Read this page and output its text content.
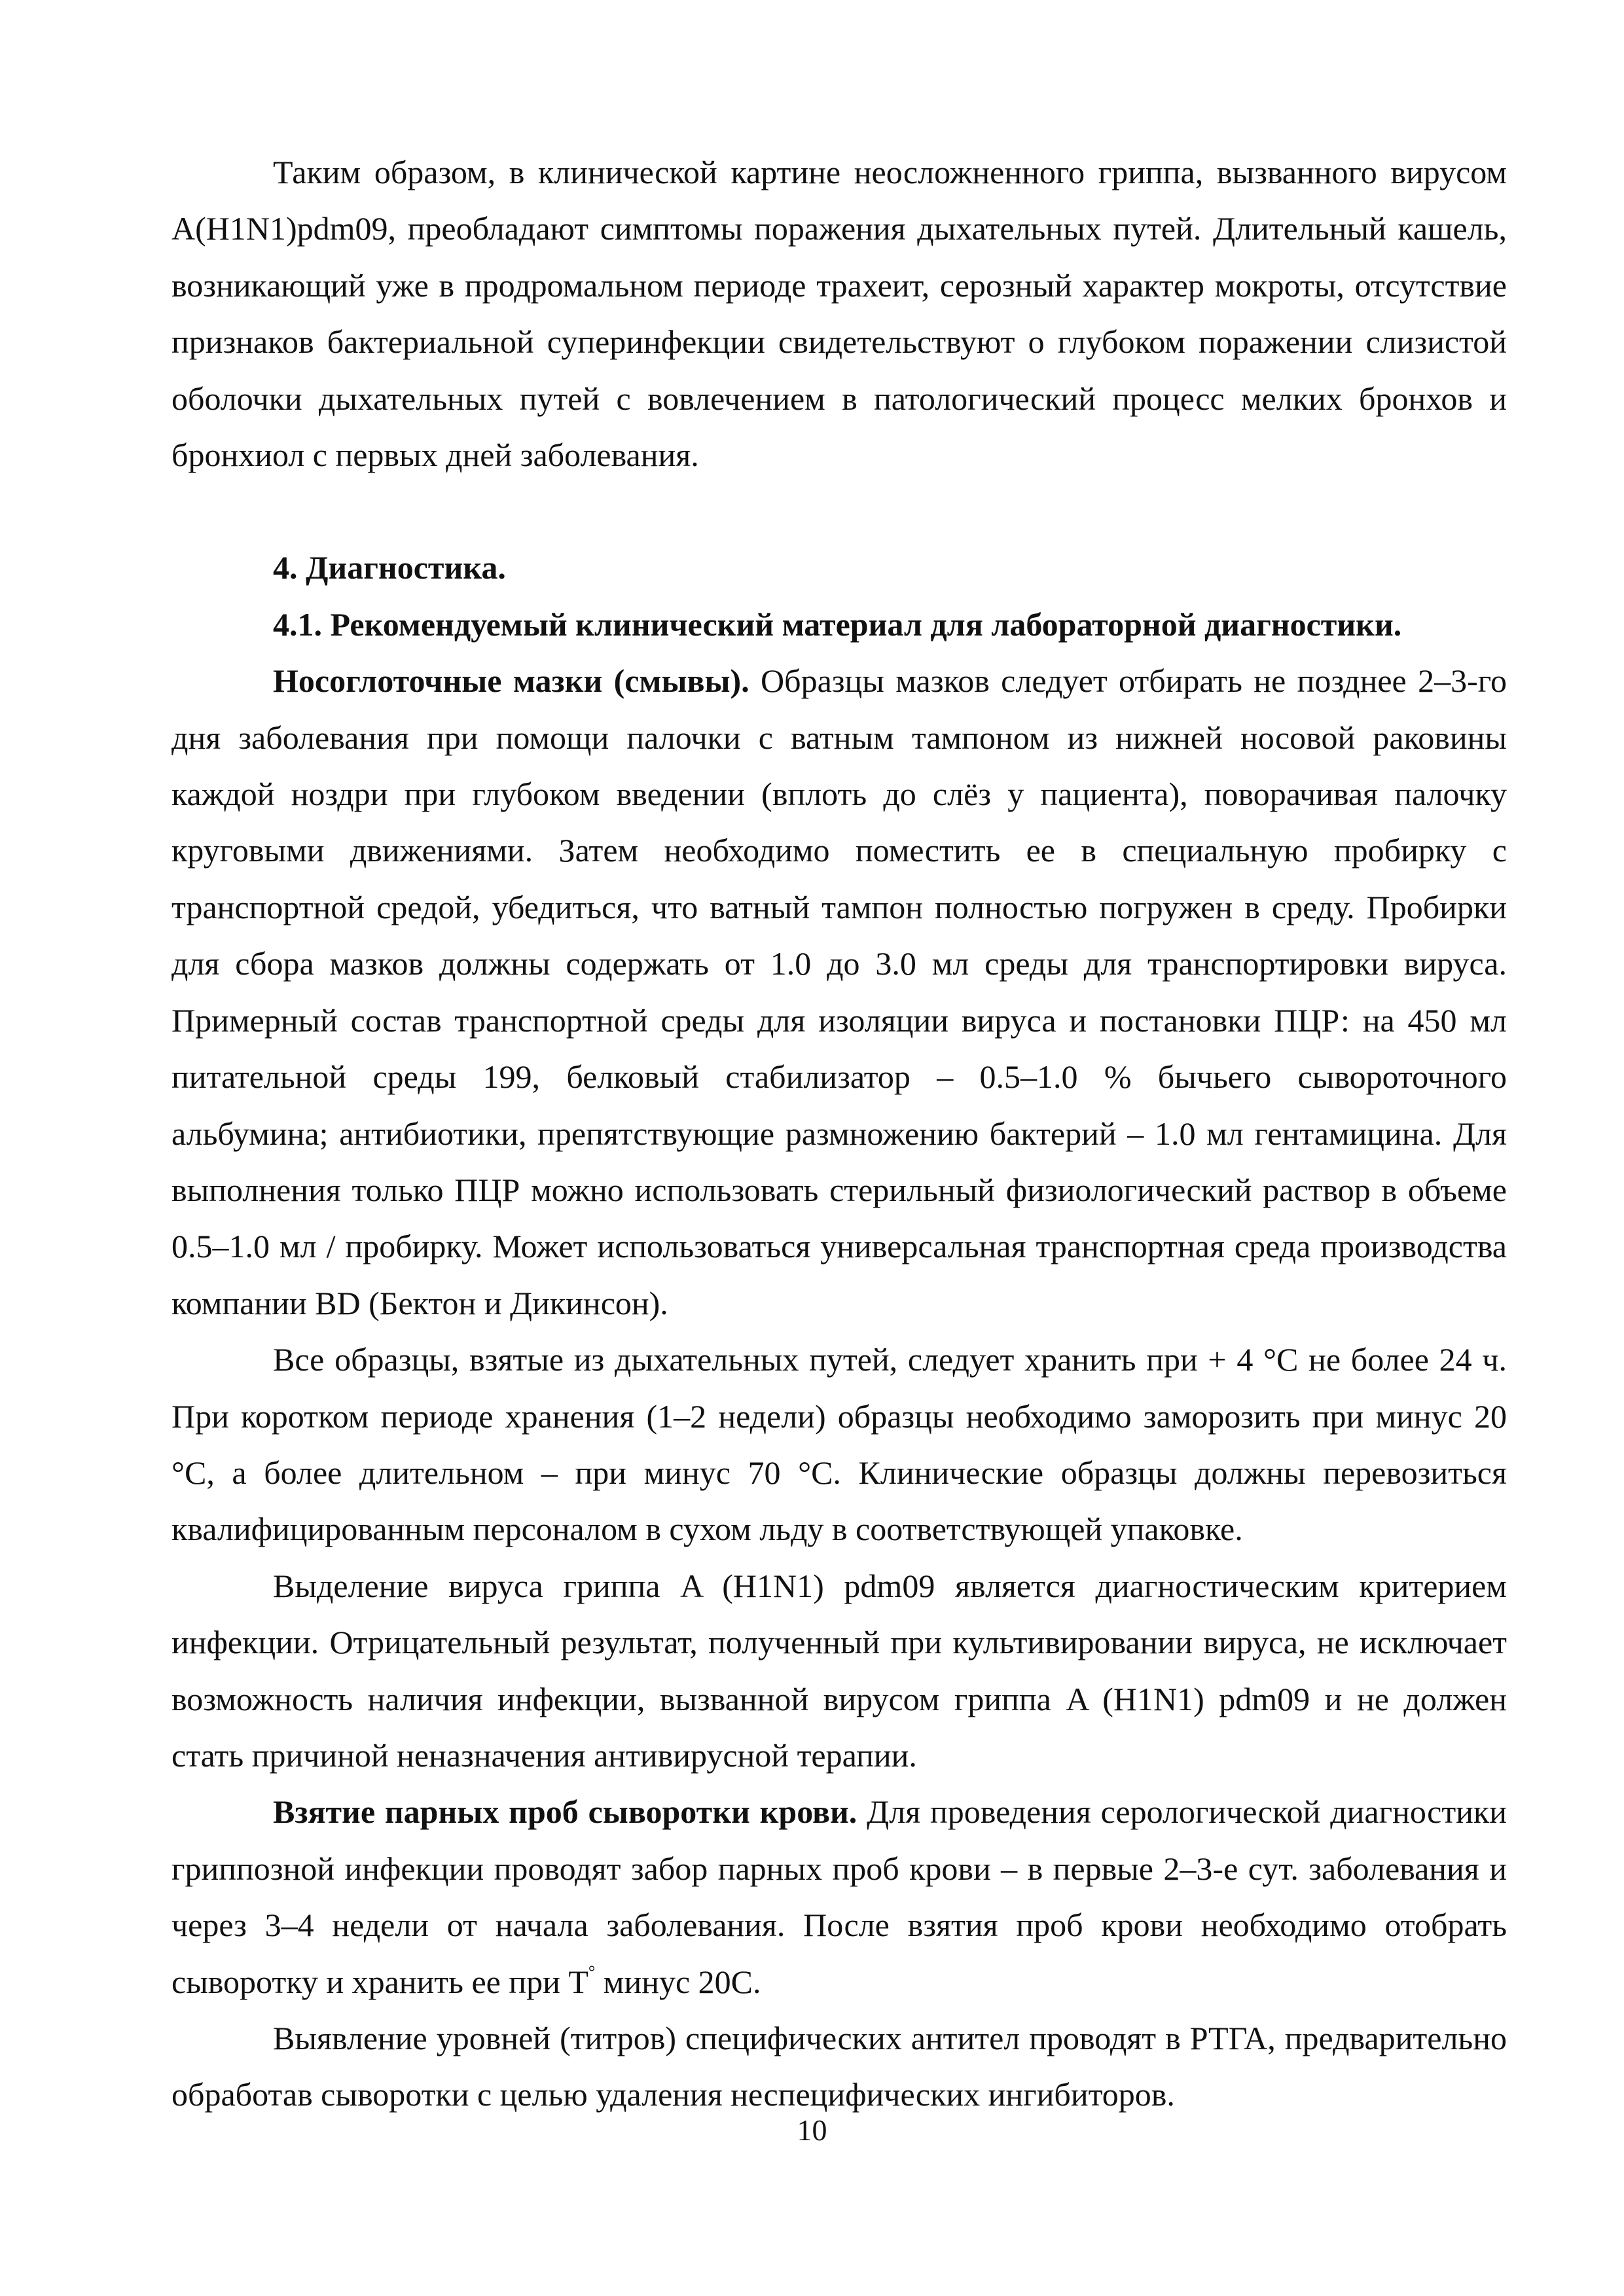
Таким образом, в клинической картине неосложненного гриппа, вызванного вирусом A(H1N1)pdm09, преобладают симптомы поражения дыхательных путей. Длительный кашель, возникающий уже в продромальном периоде трахеит, серозный характер мокроты, отсутствие признаков бактериальной суперинфекции свидетельствуют о глубоком поражении слизистой оболочки дыхательных путей с вовлечением в патологический процесс мелких бронхов и бронхиол с первых дней заболевания.

4. Диагностика.

4.1. Рекомендуемый клинический материал для лабораторной диагностики.

Носоглоточные мазки (смывы). Образцы мазков следует отбирать не позднее 2–3-го дня заболевания при помощи палочки с ватным тампоном из нижней носовой раковины каждой ноздри при глубоком введении (вплоть до слёз у пациента), поворачивая палочку круговыми движениями. Затем необходимо поместить ее в специальную пробирку с транспортной средой, убедиться, что ватный тампон полностью погружен в среду. Пробирки для сбора мазков должны содержать от 1.0 до 3.0 мл среды для транспортировки вируса. Примерный состав транспортной среды для изоляции вируса и постановки ПЦР: на 450 мл питательной среды 199, белковый стабилизатор – 0.5–1.0 % бычьего сывороточного альбумина; антибиотики, препятствующие размножению бактерий – 1.0 мл гентамицина. Для выполнения только ПЦР можно использовать стерильный физиологический раствор в объеме 0.5–1.0 мл / пробирку. Может использоваться универсальная транспортная среда производства компании BD (Бектон и Дикинсон).

Все образцы, взятые из дыхательных путей, следует хранить при + 4 °С не более 24 ч. При коротком периоде хранения (1–2 недели) образцы необходимо заморозить при минус 20 °С, а более длительном – при минус 70 °С. Клинические образцы должны перевозиться квалифицированным персоналом в сухом льду в соответствующей упаковке.

Выделение вируса гриппа A (H1N1) pdm09 является диагностическим критерием инфекции. Отрицательный результат, полученный при культивировании вируса, не исключает возможность наличия инфекции, вызванной вирусом гриппа A (H1N1) pdm09 и не должен стать причиной неназначения антивирусной терапии.

Взятие парных проб сыворотки крови. Для проведения серологической диагностики гриппозной инфекции проводят забор парных проб крови – в первые 2–3-е сут. заболевания и через 3–4 недели от начала заболевания. После взятия проб крови необходимо отобрать сыворотку и хранить ее при Т° минус 20С.

Выявление уровней (титров) специфических антител проводят в РТГА, предварительно обработав сыворотки с целью удаления неспецифических ингибиторов.

10
